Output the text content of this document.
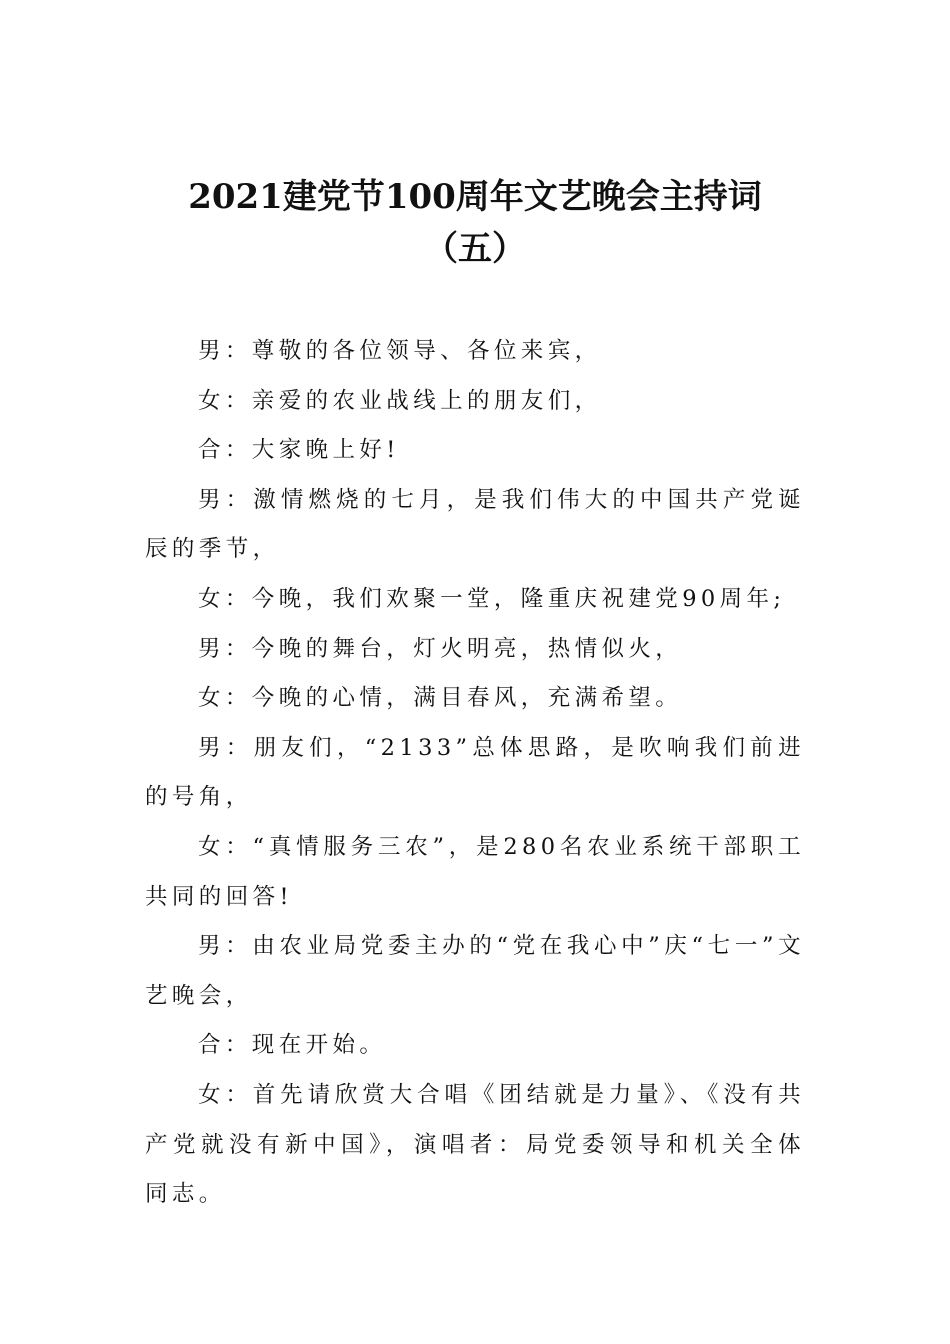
2021建党节100周年文艺晚会主持词
（五）

男：尊敬的各位领导、各位来宾，

女：亲爱的农业战线上的朋友们，

合：大家晚上好!

男：激情燃烧的七月，是我们伟大的中国共产党诞辰的季节，

女：今晚，我们欢聚一堂，隆重庆祝建党90周年;

男：今晚的舞台，灯火明亮，热情似火，

女：今晚的心情，满目春风，充满希望。

男：朋友们，“2133”总体思路，是吹响我们前进的号角，

女：“真情服务三农”，是280名农业系统干部职工共同的回答!

男：由农业局党委主办的“党在我心中”庆“七一”文艺晚会，

合：现在开始。

女：首先请欣赏大合唱《团结就是力量》、《没有共产党就没有新中国》，演唱者：局党委领导和机关全体同志。
